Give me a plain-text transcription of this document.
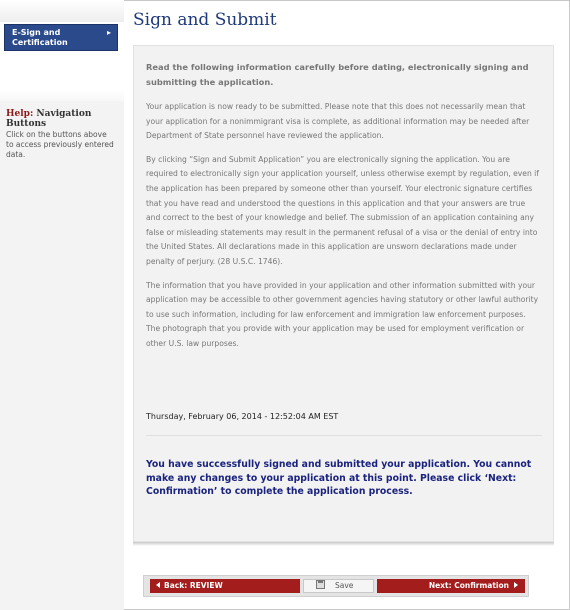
E-Sign and
Certification
▸
Help: Navigation Buttons
Click on the buttons above to access previously entered data.
Sign and Submit

Read the following information carefully before dating, electronically signing and submitting the application.

Your application is now ready to be submitted. Please note that this does not necessarily mean that your application for a nonimmigrant visa is complete, as additional information may be needed after Department of State personnel have reviewed the application.

By clicking “Sign and Submit Application” you are electronically signing the application. You are required to electronically sign your application yourself, unless otherwise exempt by regulation, even if the application has been prepared by someone other than yourself. Your electronic signature certifies that you have read and understood the questions in this application and that your answers are true and correct to the best of your knowledge and belief. The submission of an application containing any false or misleading statements may result in the permanent refusal of a visa or the denial of entry into the United States. All declarations made in this application are unsworn declarations made under penalty of perjury. (28 U.S.C. 1746).

The information that you have provided in your application and other information submitted with your application may be accessible to other government agencies having statutory or other lawful authority to use such information, including for law enforcement and immigration law enforcement purposes. The photograph that you provide with your application may be used for employment verification or other U.S. law purposes.

Thursday, February 06, 2014 - 12:52:04 AM EST
You have successfully signed and submitted your application. You cannot make any changes to your application at this point. Please click ‘Next: Confirmation’ to complete the application process.
Back: REVIEW	Save	Next: Confirmation
